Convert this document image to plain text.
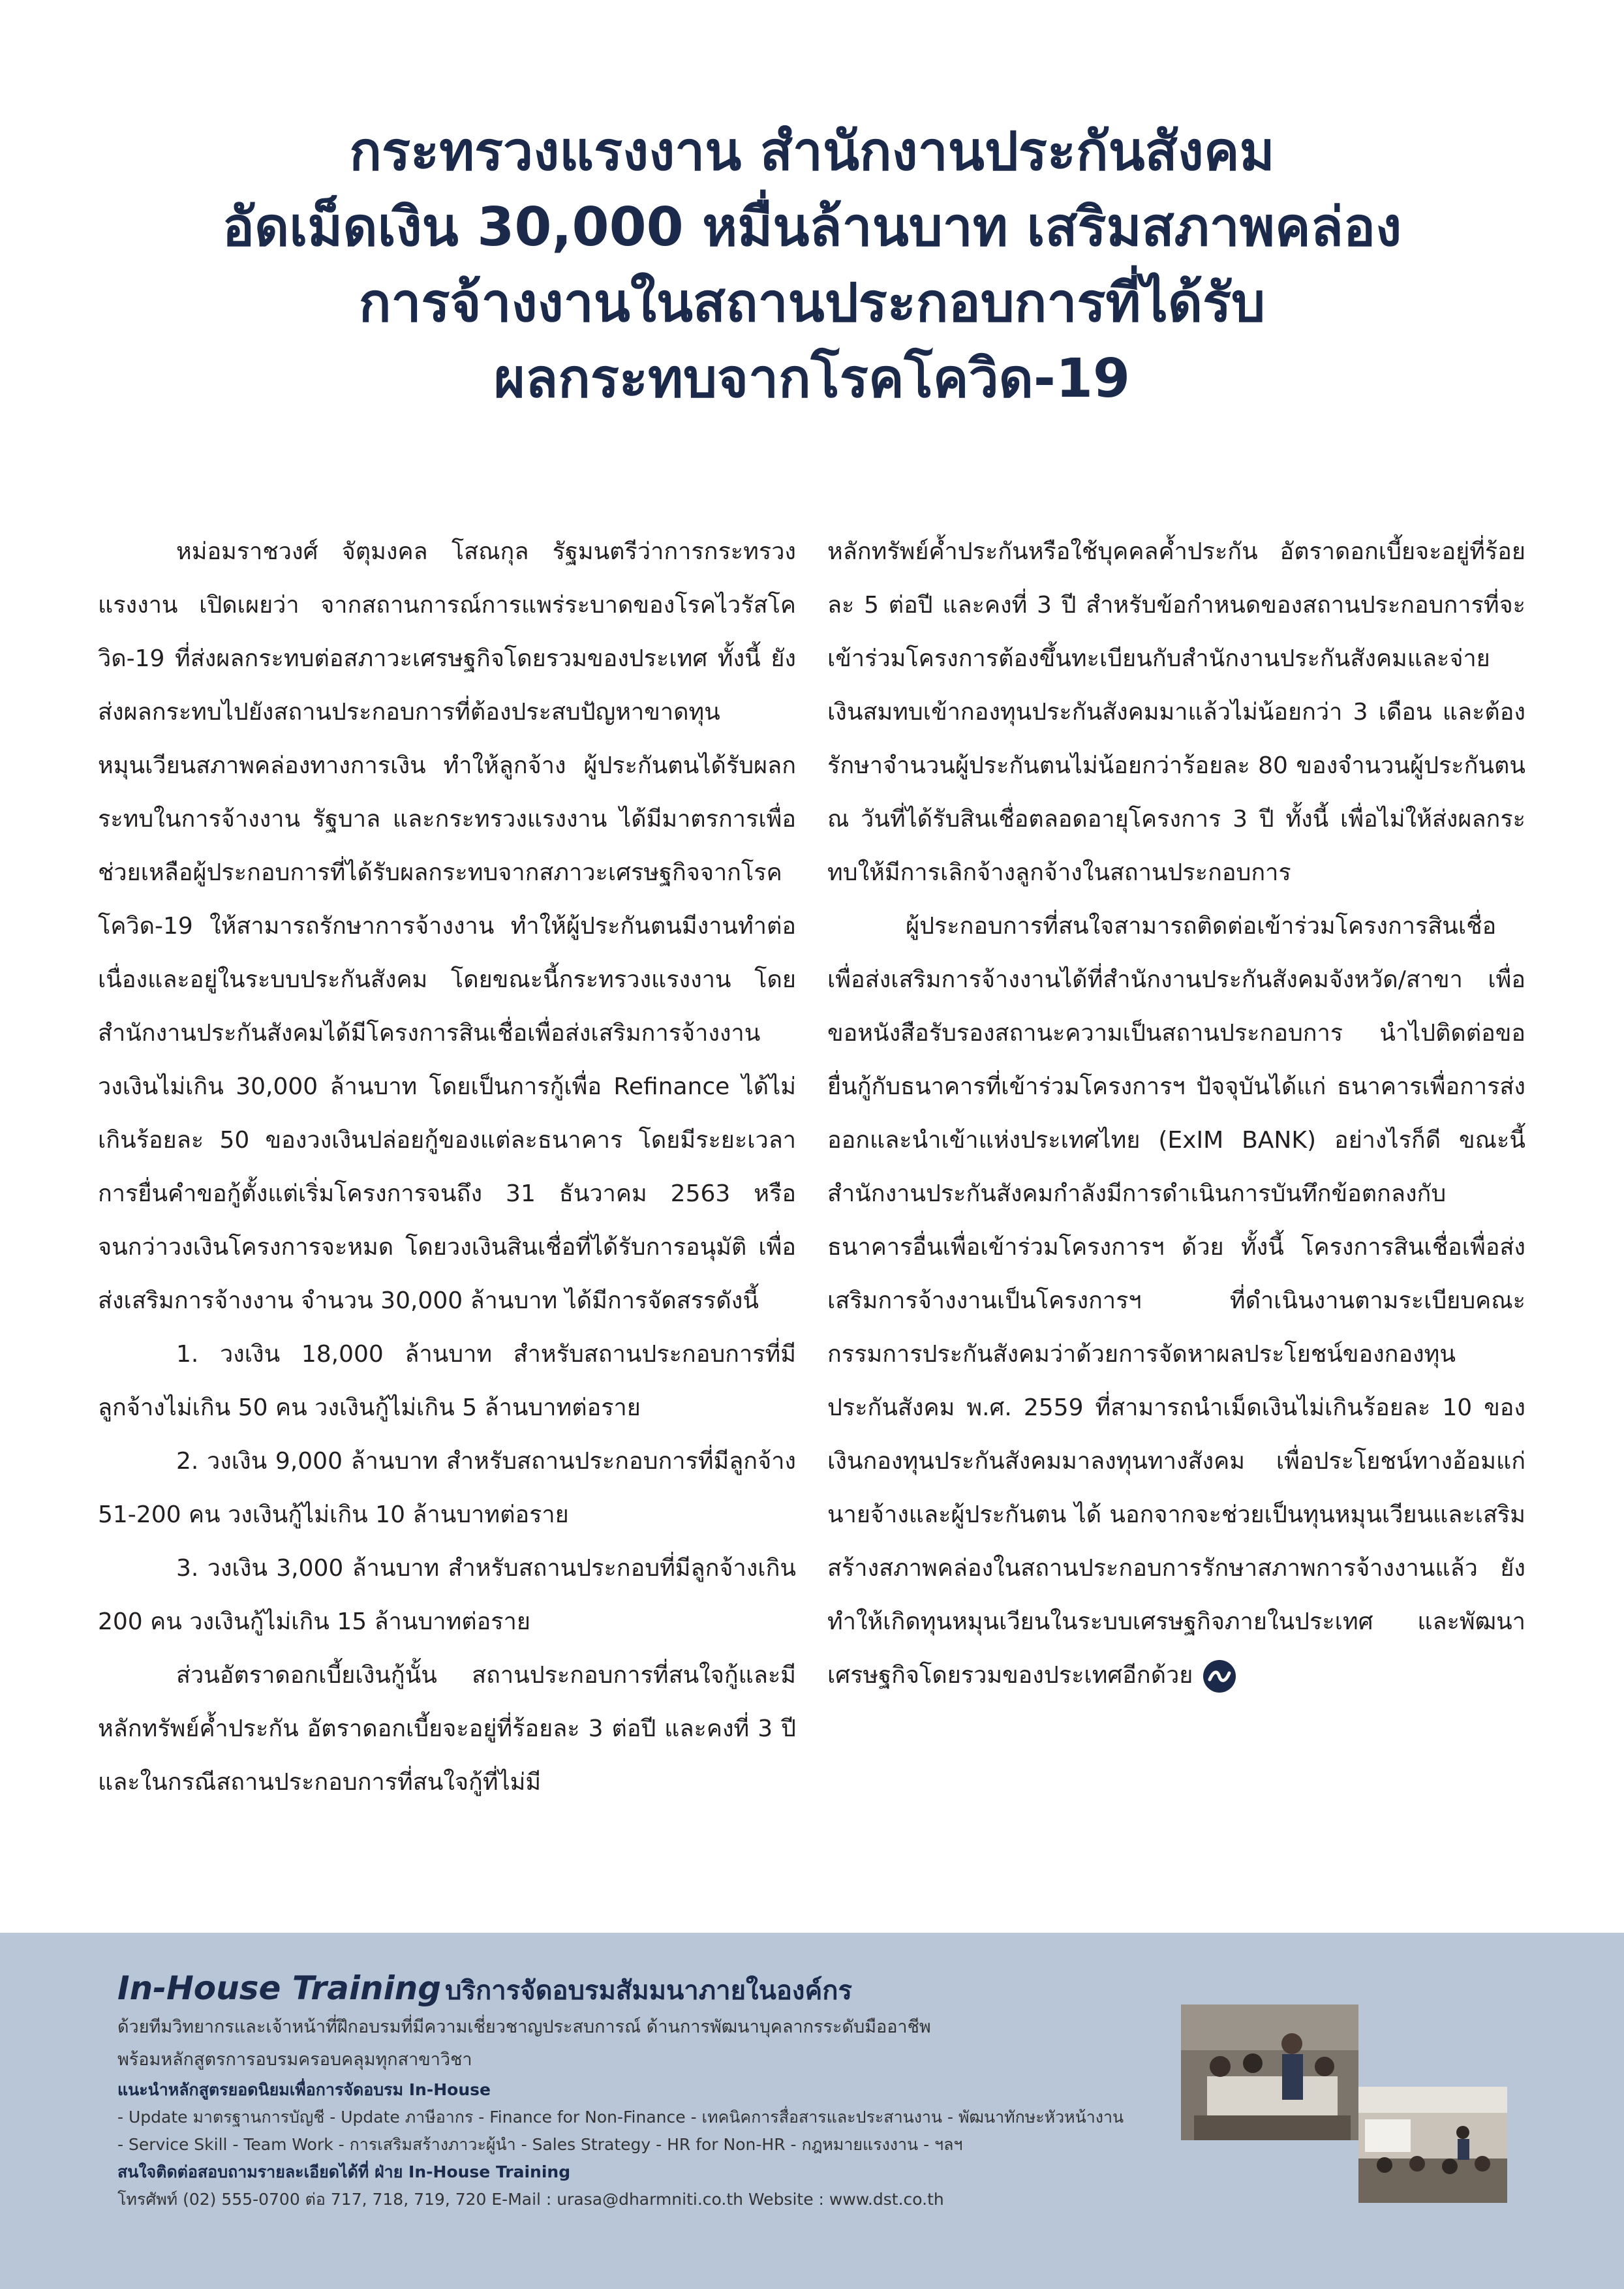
กระทรวงแรงงาน สำนักงานประกันสังคม
อัดเม็ดเงิน 30,000 หมื่นล้านบาท เสริมสภาพคล่อง
การจ้างงานในสถานประกอบการที่ได้รับ
ผลกระทบจากโรคโควิด-19

หม่อมราชวงศ์ จัตุมงคล โสณกุล รัฐมนตรีว่าการกระทรวงแรงงาน เปิดเผยว่า จากสถานการณ์การแพร่ระบาดของโรคไวรัสโควิด-19 ที่ส่งผลกระทบต่อสภาวะเศรษฐกิจโดยรวมของประเทศ ทั้งนี้ ยังส่งผลกระทบไปยังสถานประกอบการที่ต้องประสบปัญหาขาดทุนหมุนเวียนสภาพคล่องทางการเงิน ทำให้ลูกจ้าง ผู้ประกันตนได้รับผลกระทบในการจ้างงาน รัฐบาล และกระทรวงแรงงาน ได้มีมาตรการเพื่อช่วยเหลือผู้ประกอบการที่ได้รับผลกระทบจากสภาวะเศรษฐกิจจากโรคโควิด-19 ให้สามารถรักษาการจ้างงาน ทำให้ผู้ประกันตนมีงานทำต่อเนื่องและอยู่ในระบบประกันสังคม โดยขณะนี้กระทรวงแรงงาน โดยสำนักงานประกันสังคมได้มีโครงการสินเชื่อเพื่อส่งเสริมการจ้างงาน วงเงินไม่เกิน 30,000 ล้านบาท โดยเป็นการกู้เพื่อ Refinance ได้ไม่เกินร้อยละ 50 ของวงเงินปล่อยกู้ของแต่ละธนาคาร โดยมีระยะเวลาการยื่นคำขอกู้ตั้งแต่เริ่มโครงการจนถึง 31 ธันวาคม 2563 หรือจนกว่าวงเงินโครงการจะหมด โดยวงเงินสินเชื่อที่ได้รับการอนุมัติ เพื่อส่งเสริมการจ้างงาน จำนวน 30,000 ล้านบาท ได้มีการจัดสรรดังนี้

1. วงเงิน 18,000 ล้านบาท สำหรับสถานประกอบการที่มีลูกจ้างไม่เกิน 50 คน วงเงินกู้ไม่เกิน 5 ล้านบาทต่อราย

2. วงเงิน 9,000 ล้านบาท สำหรับสถานประกอบการที่มีลูกจ้าง 51-200 คน วงเงินกู้ไม่เกิน 10 ล้านบาทต่อราย

3. วงเงิน 3,000 ล้านบาท สำหรับสถานประกอบที่มีลูกจ้างเกิน 200 คน วงเงินกู้ไม่เกิน 15 ล้านบาทต่อราย

ส่วนอัตราดอกเบี้ยเงินกู้นั้น สถานประกอบการที่สนใจกู้และมีหลักทรัพย์ค้ำประกัน อัตราดอกเบี้ยจะอยู่ที่ร้อยละ 3 ต่อปี และคงที่ 3 ปี และในกรณีสถานประกอบการที่สนใจกู้ที่ไม่มี

หลักทรัพย์ค้ำประกันหรือใช้บุคคลค้ำประกัน อัตราดอกเบี้ยจะอยู่ที่ร้อยละ 5 ต่อปี และคงที่ 3 ปี สำหรับข้อกำหนดของสถานประกอบการที่จะเข้าร่วมโครงการต้องขึ้นทะเบียนกับสำนักงานประกันสังคมและจ่ายเงินสมทบเข้ากองทุนประกันสังคมมาแล้วไม่น้อยกว่า 3 เดือน และต้องรักษาจำนวนผู้ประกันตนไม่น้อยกว่าร้อยละ 80 ของจำนวนผู้ประกันตน ณ วันที่ได้รับสินเชื่อตลอดอายุโครงการ 3 ปี ทั้งนี้ เพื่อไม่ให้ส่งผลกระทบให้มีการเลิกจ้างลูกจ้างในสถานประกอบการ

ผู้ประกอบการที่สนใจสามารถติดต่อเข้าร่วมโครงการสินเชื่อเพื่อส่งเสริมการจ้างงานได้ที่สำนักงานประกันสังคมจังหวัด/สาขา เพื่อขอหนังสือรับรองสถานะความเป็นสถานประกอบการ นำไปติดต่อขอยื่นกู้กับธนาคารที่เข้าร่วมโครงการฯ ปัจจุบันได้แก่ ธนาคารเพื่อการส่งออกและนำเข้าแห่งประเทศไทย (ExIM BANK) อย่างไรก็ดี ขณะนี้สำนักงานประกันสังคมกำลังมีการดำเนินการบันทึกข้อตกลงกับธนาคารอื่นเพื่อเข้าร่วมโครงการฯ ด้วย ทั้งนี้ โครงการสินเชื่อเพื่อส่งเสริมการจ้างงานเป็นโครงการฯ ที่ดำเนินงานตามระเบียบคณะกรรมการประกันสังคมว่าด้วยการจัดหาผลประโยชน์ของกองทุนประกันสังคม พ.ศ. 2559 ที่สามารถนำเม็ดเงินไม่เกินร้อยละ 10 ของเงินกองทุนประกันสังคมมาลงทุนทางสังคม เพื่อประโยชน์ทางอ้อมแก่นายจ้างและผู้ประกันตน ได้ นอกจากจะช่วยเป็นทุนหมุนเวียนและเสริมสร้างสภาพคล่องในสถานประกอบการรักษาสภาพการจ้างงานแล้ว ยังทำให้เกิดทุนหมุนเวียนในระบบเศรษฐกิจภายในประเทศ และพัฒนาเศรษฐกิจโดยรวมของประเทศอีกด้วย

In-House Training บริการจัดอบรมสัมมนาภายในองค์กร
ด้วยทีมวิทยากรและเจ้าหน้าที่ฝึกอบรมที่มีความเชี่ยวชาญประสบการณ์ ด้านการพัฒนาบุคลากรระดับมืออาชีพ
พร้อมหลักสูตรการอบรมครอบคลุมทุกสาขาวิชา
แนะนำหลักสูตรยอดนิยมเพื่อการจัดอบรม In-House
- Update มาตรฐานการบัญชี - Update ภาษีอากร - Finance for Non-Finance - เทคนิคการสื่อสารและประสานงาน - พัฒนาทักษะหัวหน้างาน
- Service Skill - Team Work - การเสริมสร้างภาวะผู้นำ - Sales Strategy - HR for Non-HR - กฎหมายแรงงาน - ฯลฯ
สนใจติดต่อสอบถามรายละเอียดได้ที่ ฝ่าย In-House Training
โทรศัพท์ (02) 555-0700 ต่อ 717, 718, 719, 720 E-Mail : urasa@dharmniti.co.th Website : www.dst.co.th
